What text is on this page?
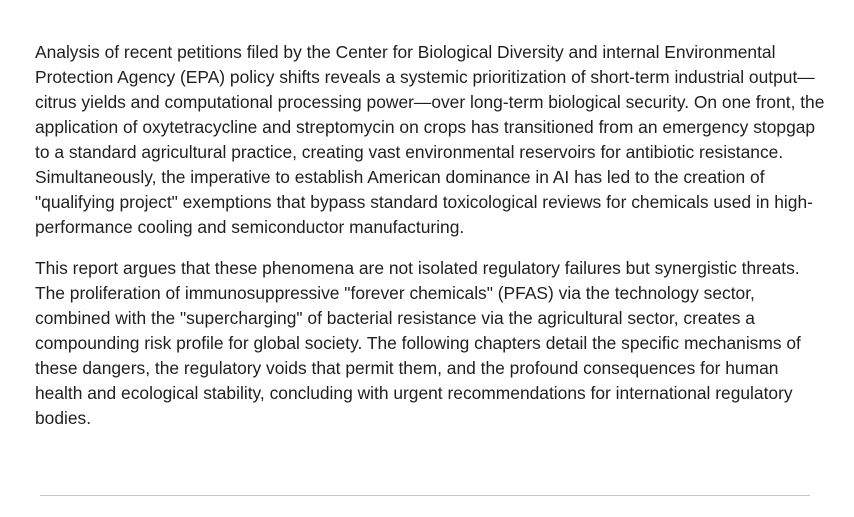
Analysis of recent petitions filed by the Center for Biological Diversity and internal Environmental Protection Agency (EPA) policy shifts reveals a systemic prioritization of short-term industrial output—citrus yields and computational processing power—over long-term biological security. On one front, the application of oxytetracycline and streptomycin on crops has transitioned from an emergency stopgap to a standard agricultural practice, creating vast environmental reservoirs for antibiotic resistance. Simultaneously, the imperative to establish American dominance in AI has led to the creation of "qualifying project" exemptions that bypass standard toxicological reviews for chemicals used in high-performance cooling and semiconductor manufacturing.

This report argues that these phenomena are not isolated regulatory failures but synergistic threats. The proliferation of immunosuppressive "forever chemicals" (PFAS) via the technology sector, combined with the "supercharging" of bacterial resistance via the agricultural sector, creates a compounding risk profile for global society. The following chapters detail the specific mechanisms of these dangers, the regulatory voids that permit them, and the profound consequences for human health and ecological stability, concluding with urgent recommendations for international regulatory bodies.
